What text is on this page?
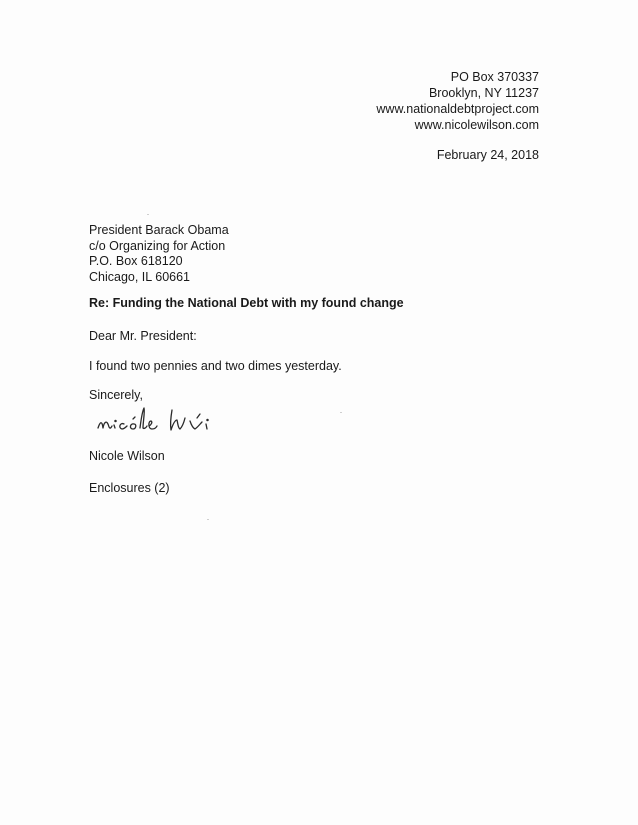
PO Box 370337
Brooklyn, NY 11237
www.nationaldebtproject.com
www.nicolewilson.com
February 24, 2018
President Barack Obama
c/o Organizing for Action
P.O. Box 618120
Chicago, IL 60661
Re: Funding the National Debt with my found change
Dear Mr. President:
I found two pennies and two dimes yesterday.
Sincerely,
Nicole Wilson
Enclosures (2)
